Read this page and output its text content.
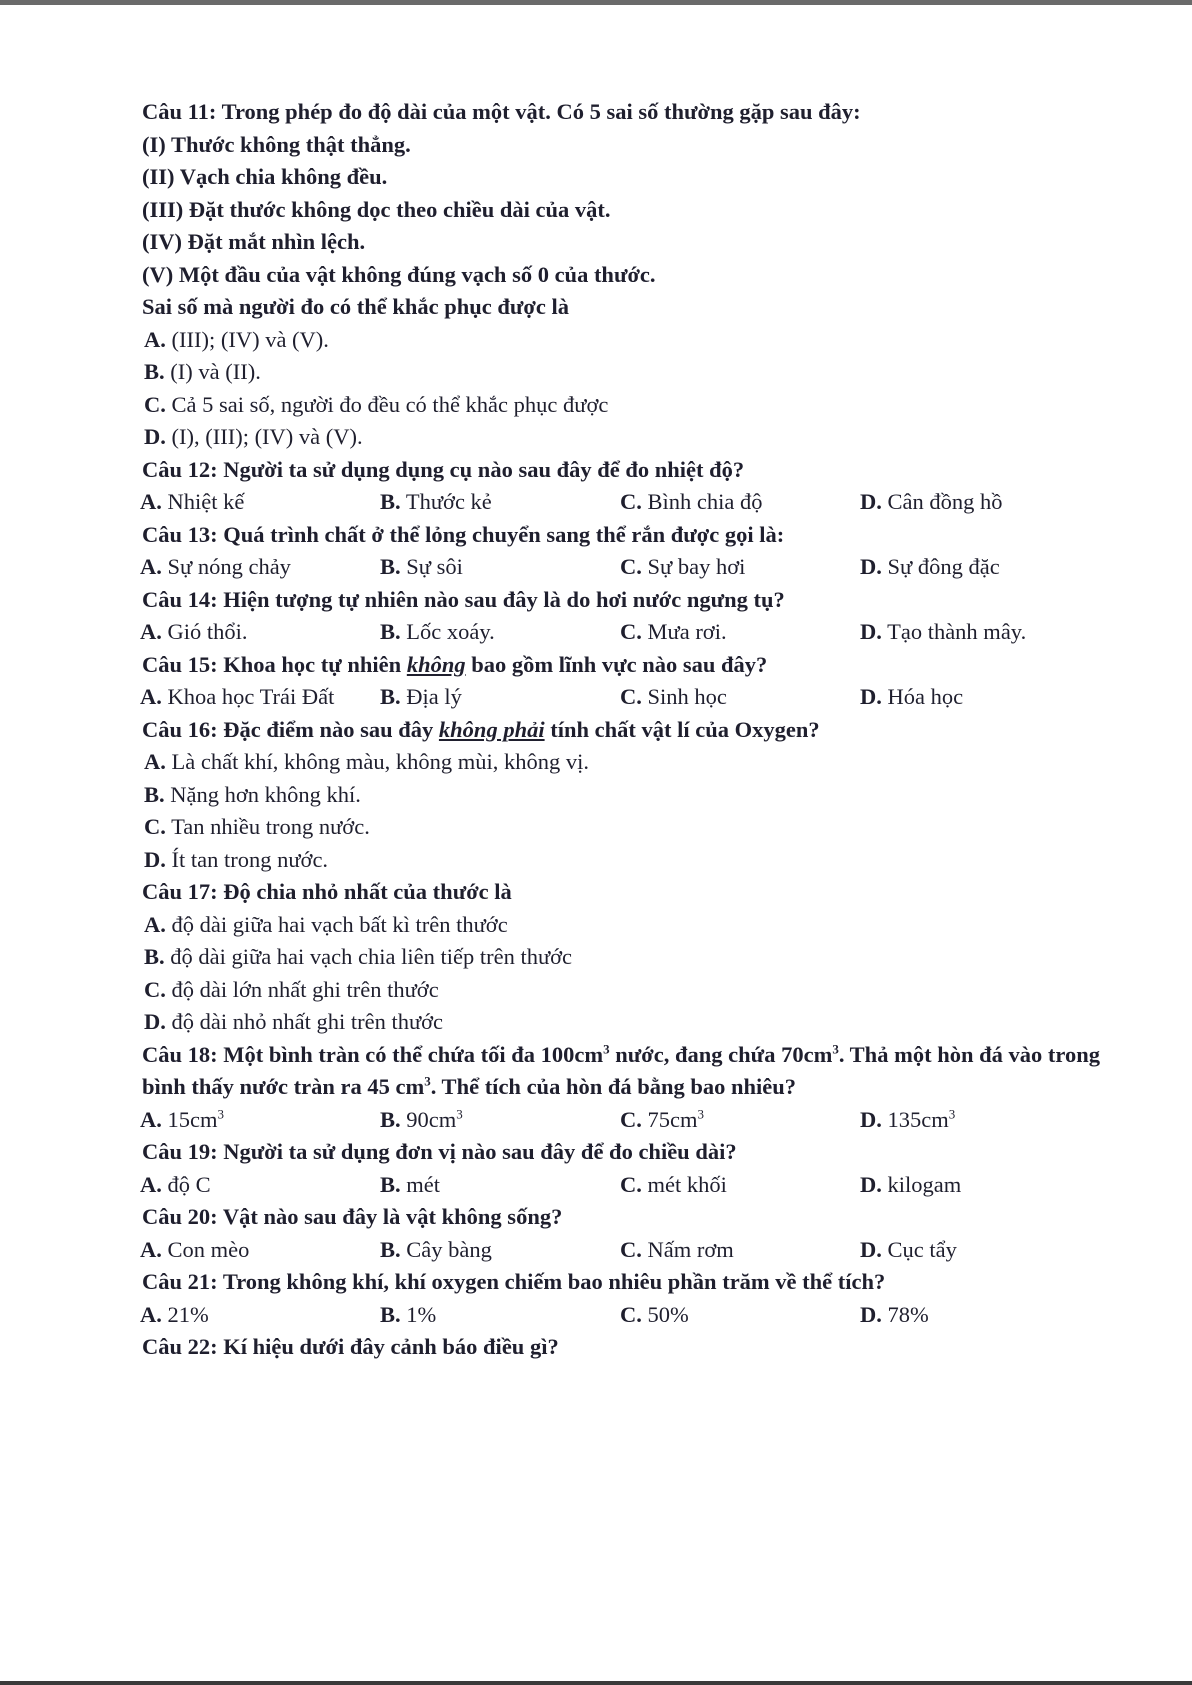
Câu 11: Trong phép đo độ dài của một vật. Có 5 sai số thường gặp sau đây:
(I) Thước không thật thẳng.
(II) Vạch chia không đều.
(III) Đặt thước không dọc theo chiều dài của vật.
(IV) Đặt mắt nhìn lệch.
(V) Một đầu của vật không đúng vạch số 0 của thước.
Sai số mà người đo có thể khắc phục được là
A. (III); (IV) và (V).
B. (I) và (II).
C. Cả 5 sai số, người đo đều có thể khắc phục được
D. (I), (III); (IV) và (V).
Câu 12: Người ta sử dụng dụng cụ nào sau đây để đo nhiệt độ?
A. Nhiệt kế	B. Thước kẻ	C. Bình chia độ	D. Cân đồng hồ
Câu 13: Quá trình chất ở thể lỏng chuyển sang thể rắn được gọi là:
A. Sự nóng chảy	B. Sự sôi	C. Sự bay hơi	D. Sự đông đặc
Câu 14: Hiện tượng tự nhiên nào sau đây là do hơi nước ngưng tụ?
A. Gió thổi.	B. Lốc xoáy.	C. Mưa rơi.	D. Tạo thành mây.
Câu 15: Khoa học tự nhiên không bao gồm lĩnh vực nào sau đây?
A. Khoa học Trái Đất	B. Địa lý	C. Sinh học	D. Hóa học
Câu 16: Đặc điểm nào sau đây không phải tính chất vật lí của Oxygen?
A. Là chất khí, không màu, không mùi, không vị.
B. Nặng hơn không khí.
C. Tan nhiều trong nước.
D. Ít tan trong nước.
Câu 17: Độ chia nhỏ nhất của thước là
A. độ dài giữa hai vạch bất kì trên thước
B. độ dài giữa hai vạch chia liên tiếp trên thước
C. độ dài lớn nhất ghi trên thước
D. độ dài nhỏ nhất ghi trên thước
Câu 18: Một bình tràn có thể chứa tối đa $100cm^3$ nước, đang chứa $70cm^3$. Thả một hòn đá vào trong bình thấy nước tràn ra 45 $cm^3$. Thể tích của hòn đá bằng bao nhiêu?
A. $15cm^3$	B. $90cm^3$	C. $75cm^3$	D. $135cm^3$
Câu 19: Người ta sử dụng đơn vị nào sau đây để đo chiều dài?
A. độ C	B. mét	C. mét khối	D. kilogam
Câu 20: Vật nào sau đây là vật không sống?
A. Con mèo	B. Cây bàng	C. Nấm rơm	D. Cục tẩy
Câu 21: Trong không khí, khí oxygen chiếm bao nhiêu phần trăm về thể tích?
A. 21%	B. 1%	C. 50%	D. 78%
Câu 22: Kí hiệu dưới đây cảnh báo điều gì?
